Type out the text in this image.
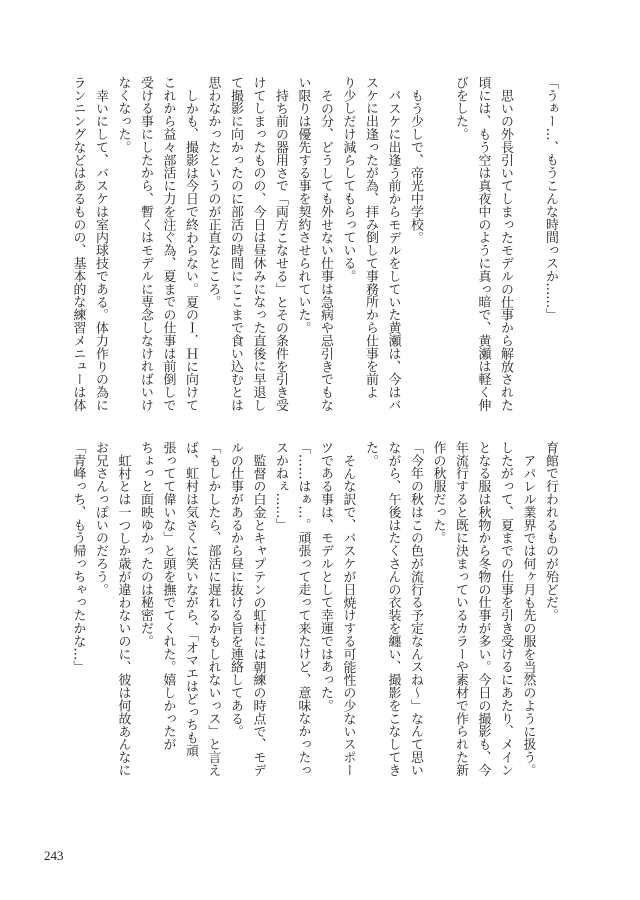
「うぁー…、もうこんな時間っスか……」
思いの外長引いてしまったモデルの仕事から解放された
頃には、もう空は真夜中のように真っ暗で、黄瀬は軽く伸
びをした。
もう少しで、帝光中学校。
バスケに出逢う前からモデルをしていた黄瀬は、今はバ
スケに出逢ったが為、拝み倒して事務所から仕事を前よ
り少しだけ減らしてもらっている。
その分、どうしても外せない仕事は急病や忌引きでもな
い限りは優先する事を契約させられていた。
持ち前の器用さで「両方こなせる」とその条件を引き受
けてしまったものの、今日は昼休みになった直後に早退し
て撮影に向かったのに部活の時間にここまで食い込むとは
思わなかったというのが正直なところ。
しかも、撮影は今日で終わらない。夏のＩ．Ｈに向けて
これから益々部活に力を注ぐ為、夏までの仕事は前倒しで
受ける事にしたから、暫くはモデルに専念しなければいけ
なくなった。
幸いにして、バスケは室内球技である。体力作りの為に
ランニングなどはあるものの、基本的な練習メニューは体
育館で行われるものが殆どだ。
アパレル業界では何ヶ月も先の服を当然のように扱う。
したがって、夏までの仕事を引き受けるにあたり、メイン
となる服は秋物から冬物の仕事が多い。今日の撮影も、今
年流行すると既に決まっているカラーや素材で作られた新
作の秋服だった。
「今年の秋はこの色が流行る予定なんスね〜」なんて思い
ながら、午後はたくさんの衣装を纏い、撮影をこなしてき
た。
そんな訳で、バスケが日焼けする可能性の少ないスポー
ツである事は、モデルとして幸運ではあった。
「……はぁ…。頑張って走って来たけど、意味なかったっ
スかねぇ……」
監督の白金とキャプテンの虹村には朝練の時点で、モデ
ルの仕事があるから昼に抜ける旨を連絡してある。
「もしかしたら、部活に遅れるかもしれないっス」と言え
ば、虹村は気さくに笑いながら、「オマエはどっちも頑
張ってて偉いな」と頭を撫でてくれた。嬉しかったが
ちょっと面映ゆかったのは秘密だ。
虹村とは一つしか歳が違わないのに、彼は何故あんなに
お兄さんっぽいのだろう。
「青峰っち、もう帰っちゃったかな…」
243
